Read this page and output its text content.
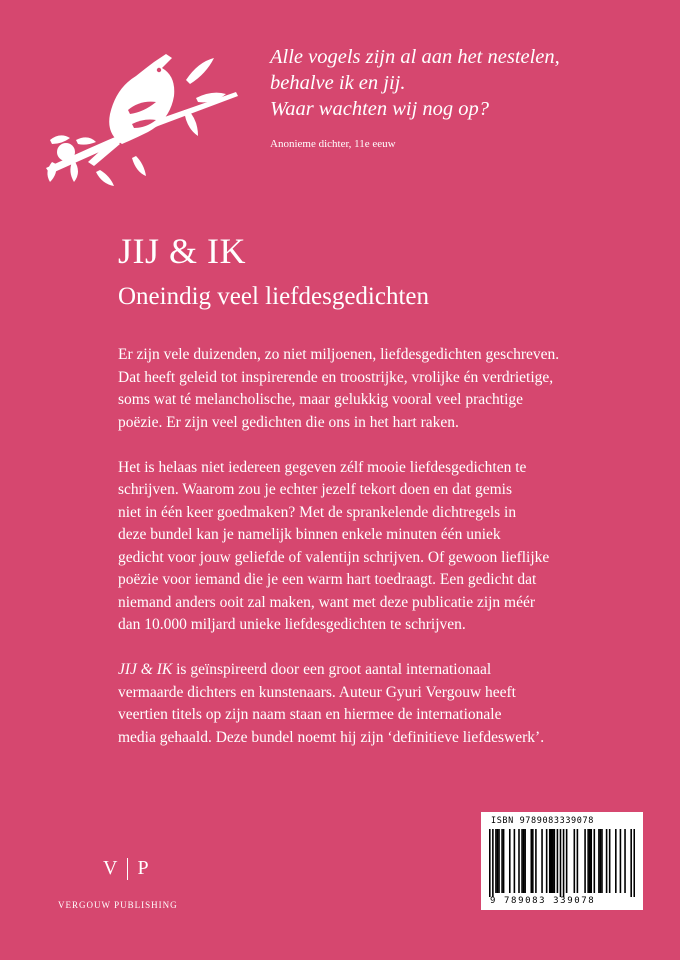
Alle vogels zijn al aan het nestelen,

behalve ik en jij.

Waar wachten wij nog op?

Anonieme dichter, 11e eeuw
JIJ & IK
Oneindig veel liefdesgedichten

Er zijn vele duizenden, zo niet miljoenen, liefdesgedichten geschreven.
Dat heeft geleid tot inspirerende en troostrijke, vrolijke én verdrietige,
soms wat té melancholische, maar gelukkig vooral veel prachtige
poëzie. Er zijn veel gedichten die ons in het hart raken.

Het is helaas niet iedereen gegeven zélf mooie liefdesgedichten te
schrijven. Waarom zou je echter jezelf tekort doen en dat gemis
niet in één keer goedmaken? Met de sprankelende dichtregels in
deze bundel kan je namelijk binnen enkele minuten één uniek
gedicht voor jouw geliefde of valentijn schrijven. Of gewoon lieflijke
poëzie voor iemand die je een warm hart toedraagt. Een gedicht dat
niemand anders ooit zal maken, want met deze publicatie zijn méér
dan 10.000 miljard unieke liefdesgedichten te schrijven.

JIJ & IK is geïnspireerd door een groot aantal internationaal
vermaarde dichters en kunstenaars. Auteur Gyuri Vergouw heeft
veertien titels op zijn naam staan en hiermee de internationale
media gehaald. Deze bundel noemt hij zijn ‘definitieve liefdeswerk’.

V P
VERGOUW PUBLISHING
ISBN 9789083339078
9 789083 339078
